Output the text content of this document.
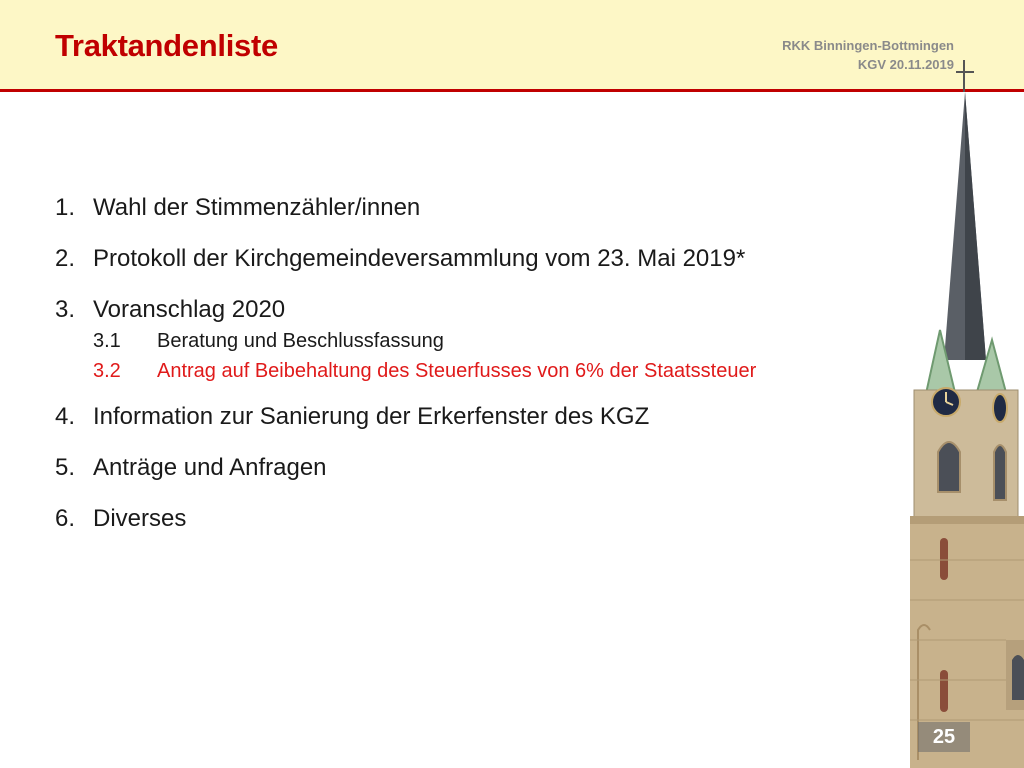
Traktandenliste	RKK Binningen-Bottmingen
KGV 20.11.2019
1. Wahl der Stimmenzähler/innen
2. Protokoll der Kirchgemeindeversammlung vom 23. Mai 2019*
3. Voranschlag 2020
3.1	Beratung und Beschlussfassung
3.2	Antrag auf Beibehaltung des Steuerfusses von 6% der Staatssteuer
4. Information zur Sanierung der Erkerfenster des KGZ
5. Anträge und Anfragen
6. Diverses
25
